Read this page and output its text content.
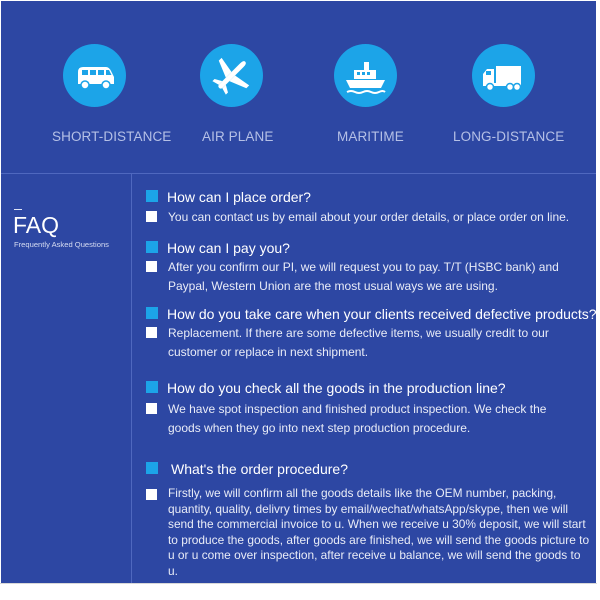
SHORT-DISTANCE AIR PLANE	MARITIME	LONG-DISTANCE
FAQ
Frequently Asked Questions
How can I place order?
You can contact us by email about your order details, or place order on line.
How can I pay you?
After you confirm our PI, we will request you to pay. T/T (HSBC bank) and Paypal, Western Union are the most usual ways we are using.
How do you take care when your clients received defective products?
Replacement. If there are some defective items, we usually credit to our customer or replace in next shipment.
How do you check all the goods in the production line?
We have spot inspection and finished product inspection. We check the goods when they go into next step production procedure.
What's the order procedure?
Firstly, we will confirm all the goods details like the OEM number, packing, quantity, quality, delivry times by email/wechat/whatsApp/skype, then we will send the commercial invoice to u. When we receive u 30% deposit, we will start to produce the goods, after goods are finished, we will send the goods picture to u or u come over inspection, after receive u balance, we will send the goods to u.
